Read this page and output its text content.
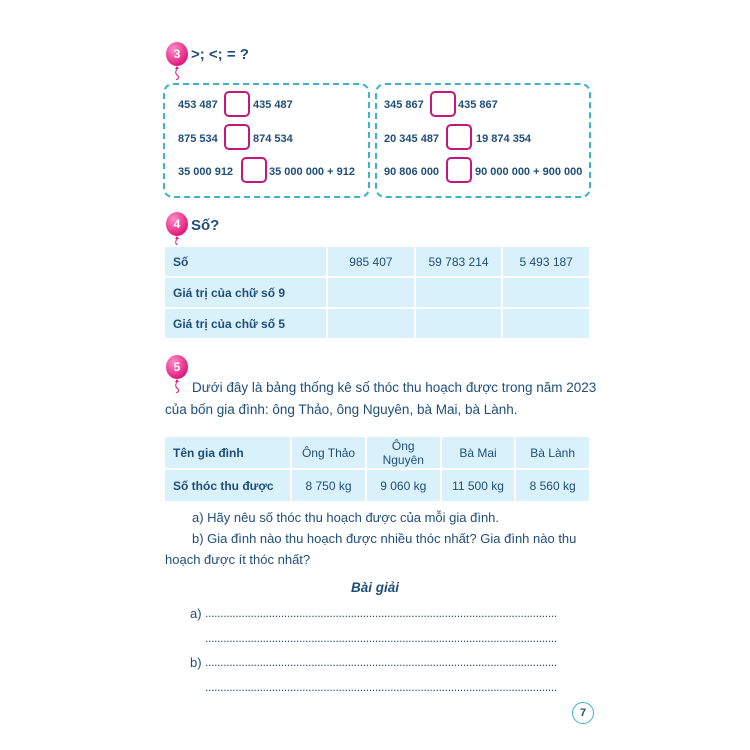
3 >; <; = ?
453 487	435 487
875 534	874 534
35 000 912	35 000 000 + 912
345 867	435 867
20 345 487	19 874 354
90 806 000	90 000 000 + 900 000
4 Số?
Số	985 407	59 783 214	5 493 187
Giá trị của chữ số 9			
Giá trị của chữ số 5			
5
Dưới đây là bảng thống kê số thóc thu hoạch được trong năm 2023
của bốn gia đình: ông Thảo, ông Nguyên, bà Mai, bà Lành.
Tên gia đình	Ông Thảo	Ông Nguyên	Bà Mai	Bà Lành
Số thóc thu được	8 750 kg	9 060 kg	11 500 kg	8 560 kg
a) Hãy nêu số thóc thu hoạch được của mỗi gia đình.
b) Gia đình nào thu hoạch được nhiều thóc nhất? Gia đình nào thu
hoạch được ít thóc nhất?
Bài giải
a) ....................................................................................................................
....................................................................................................................
b) ....................................................................................................................
....................................................................................................................
7
